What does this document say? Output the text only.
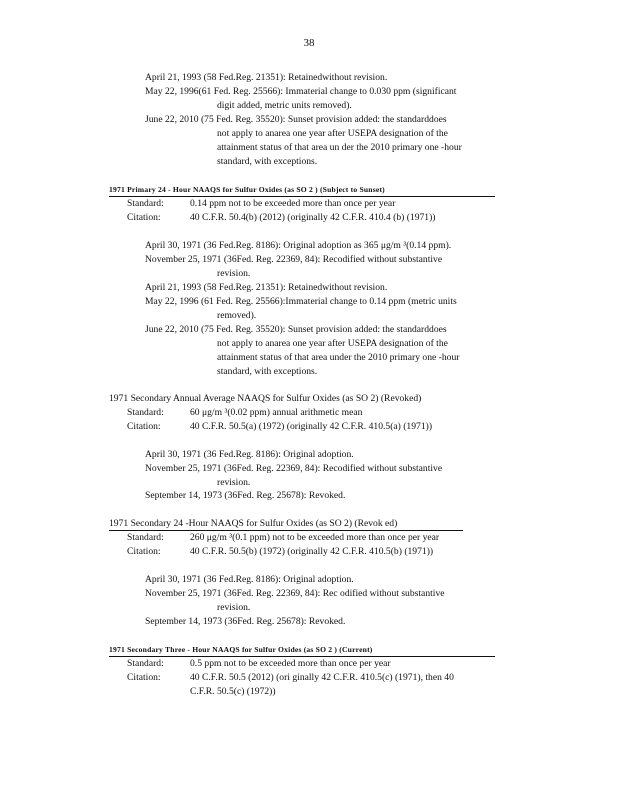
38
April 21, 1993 (58 Fed.Reg. 21351): Retainedwithout revision.
May 22, 1996(61 Fed. Reg. 25566): Immaterial change to 0.030 ppm (significant
digit added, metric units removed).
June 22, 2010 (75 Fed. Reg. 35520): Sunset provision added: the standarddoes
not apply to anarea one year after USEPA designation of the
attainment status of that area un der the 2010 primary one -hour
standard, with exceptions.
1971 Primary 24 - Hour NAAQS for Sulfur Oxides (as SO 2 ) (Subject to Sunset)
Standard:	0.14 ppm not to be exceeded more than once per year
Citation:	40 C.F.R. 50.4(b) (2012) (originally 42 C.F.R. 410.4 (b) (1971))
April 30, 1971 (36 Fed.Reg. 8186): Original adoption as 365 μg/m ³(0.14 ppm).
November 25, 1971 (36Fed. Reg. 22369, 84): Recodified without substantive
revision.
April 21, 1993 (58 Fed.Reg. 21351): Retainedwithout revision.
May 22, 1996 (61 Fed. Reg. 25566):Immaterial change to 0.14 ppm (metric units
removed).
June 22, 2010 (75 Fed. Reg. 35520): Sunset provision added: the standarddoes
not apply to anarea one year after USEPA designation of the
attainment status of that area under the 2010 primary one -hour
standard, with exceptions.
1971 Secondary Annual Average NAAQS for Sulfur Oxides (as SO 2) (Revoked)
Standard:	60 μg/m ³(0.02 ppm) annual arithmetic mean
Citation:	40 C.F.R. 50.5(a) (1972) (originally 42 C.F.R. 410.5(a) (1971))
April 30, 1971 (36 Fed.Reg. 8186): Original adoption.
November 25, 1971 (36Fed. Reg. 22369, 84): Recodified without substantive
revision.
September 14, 1973 (36Fed. Reg. 25678): Revoked.
1971 Secondary 24 -Hour NAAQS for Sulfur Oxides (as SO 2) (Revok ed)
Standard:	260 μg/m ³(0.1 ppm) not to be exceeded more than once per year
Citation:	40 C.F.R. 50.5(b) (1972) (originally 42 C.F.R. 410.5(b) (1971))
April 30, 1971 (36 Fed.Reg. 8186): Original adoption.
November 25, 1971 (36Fed. Reg. 22369, 84): Rec odified without substantive
revision.
September 14, 1973 (36Fed. Reg. 25678): Revoked.
1971 Secondary Three - Hour NAAQS for Sulfur Oxides (as SO 2 ) (Current)
Standard:	0.5 ppm not to be exceeded more than once per year
Citation:	40 C.F.R. 50.5 (2012) (ori ginally 42 C.F.R. 410.5(c) (1971), then 40
C.F.R. 50.5(c) (1972))
